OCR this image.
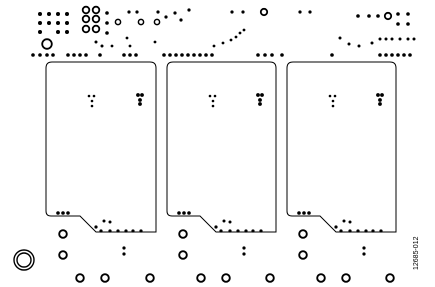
12685-012
